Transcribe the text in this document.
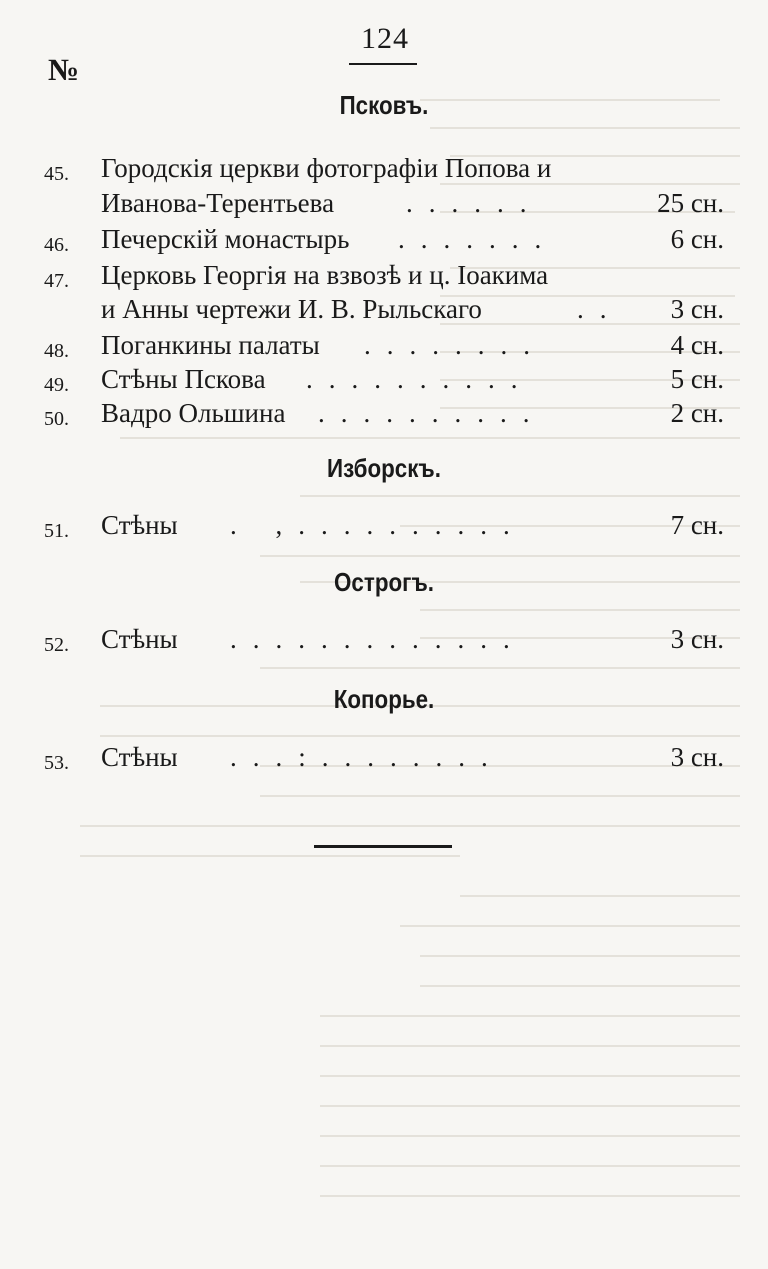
124
№
Псковъ.
45. Городскія церкви фотографіи Попова и
Иванова-Терентьева	......	25 сн.
46. Печерскій монастырь .......	6 сн.
47. Церковь Георгія на взвозѣ и ц. Іоакима
и Анны чертежи И. В. Рыльскаго	.. 3 сн.
48. Поганкины палаты ........	4 сн.
49. Стѣны Пскова ..........	5 сн.
50. Вадро Ольшина ..........	2 сн.
Изборскъ.
51. Стѣны . ,..........	7 сн.
Острогъ.
52. Стѣны .............	3 сн.
Копорье.
53. Стѣны ...:........	3 сн.
